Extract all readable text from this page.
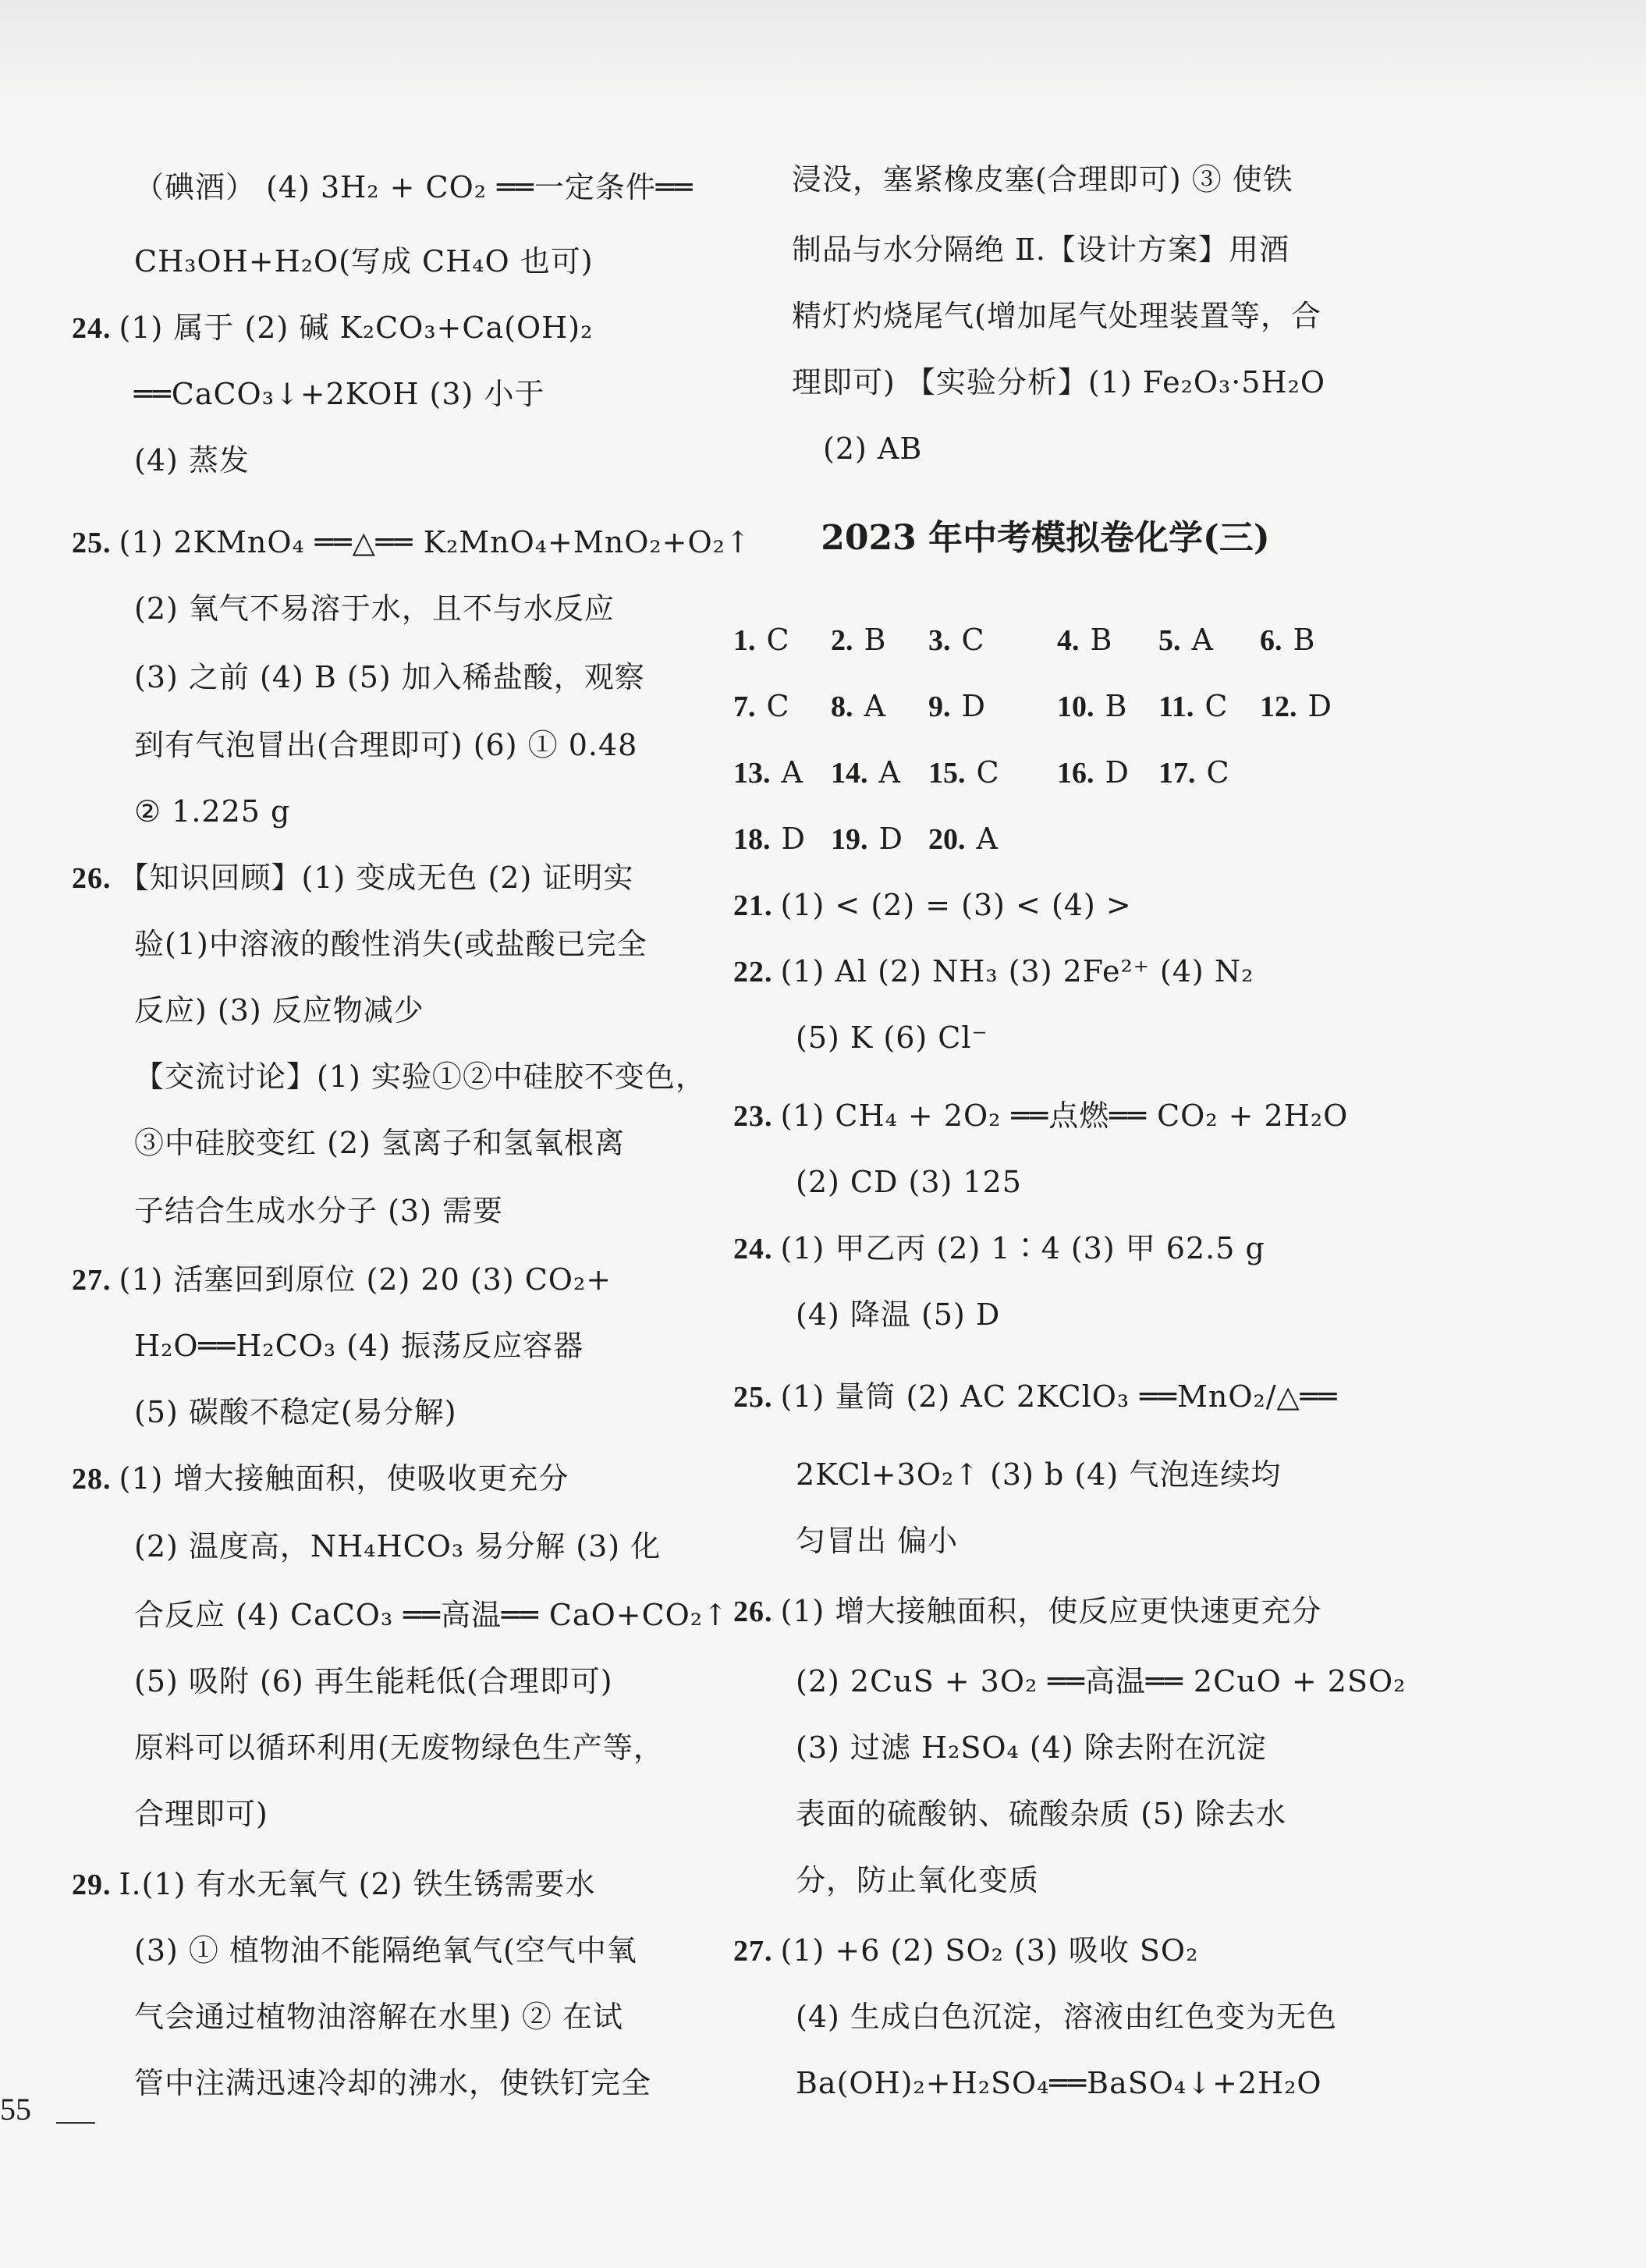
（碘酒） (4) 3H₂ + CO₂ ══一定条件══
CH₃OH+H₂O(写成 CH₄O 也可)
24. (1) 属于 (2) 碱 K₂CO₃+Ca(OH)₂
══CaCO₃↓+2KOH (3) 小于
(4) 蒸发
25. (1) 2KMnO₄ ══△══ K₂MnO₄+MnO₂+O₂↑
(2) 氧气不易溶于水，且不与水反应
(3) 之前 (4) B (5) 加入稀盐酸，观察
到有气泡冒出(合理即可) (6) ① 0.48
② 1.225 g
26. 【知识回顾】(1) 变成无色 (2) 证明实
验(1)中溶液的酸性消失(或盐酸已完全
反应) (3) 反应物减少
【交流讨论】(1) 实验①②中硅胶不变色，
③中硅胶变红 (2) 氢离子和氢氧根离
子结合生成水分子 (3) 需要
27. (1) 活塞回到原位 (2) 20 (3) CO₂+
H₂O══H₂CO₃ (4) 振荡反应容器
(5) 碳酸不稳定(易分解)
28. (1) 增大接触面积，使吸收更充分
(2) 温度高，NH₄HCO₃ 易分解 (3) 化
合反应 (4) CaCO₃ ══高温══ CaO+CO₂↑
(5) 吸附 (6) 再生能耗低(合理即可)
原料可以循环利用(无废物绿色生产等，
合理即可)
29. Ⅰ.(1) 有水无氧气 (2) 铁生锈需要水
(3) ① 植物油不能隔绝氧气(空气中氧
气会通过植物油溶解在水里) ② 在试
管中注满迅速冷却的沸水，使铁钉完全
浸没，塞紧橡皮塞(合理即可) ③ 使铁
制品与水分隔绝 Ⅱ.【设计方案】用酒
精灯灼烧尾气(增加尾气处理装置等，合
理即可) 【实验分析】(1) Fe₂O₃·5H₂O
(2) AB
2023 年中考模拟卷化学(三)
1. C 2. B 3. C 4. B 5. A 6. B
7. C 8. A 9. D 10. B 11. C 12. D
13. A 14. A 15. C 16. D 17. C
18. D 19. D 20. A
21. (1) < (2) = (3) < (4) >
22. (1) Al (2) NH₃ (3) 2Fe²⁺ (4) N₂
(5) K (6) Cl⁻
23. (1) CH₄ + 2O₂ ══点燃══ CO₂ + 2H₂O
(2) CD (3) 125
24. (1) 甲乙丙 (2) 1∶4 (3) 甲 62.5 g
(4) 降温 (5) D
25. (1) 量筒 (2) AC 2KClO₃ ══MnO₂/△══
2KCl+3O₂↑ (3) b (4) 气泡连续均
匀冒出 偏小
26. (1) 增大接触面积，使反应更快速更充分
(2) 2CuS + 3O₂ ══高温══ 2CuO + 2SO₂
(3) 过滤 H₂SO₄ (4) 除去附在沉淀
表面的硫酸钠、硫酸杂质 (5) 除去水
分，防止氧化变质
27. (1) +6 (2) SO₂ (3) 吸收 SO₂
(4) 生成白色沉淀，溶液由红色变为无色
Ba(OH)₂+H₂SO₄══BaSO₄↓+2H₂O
55
